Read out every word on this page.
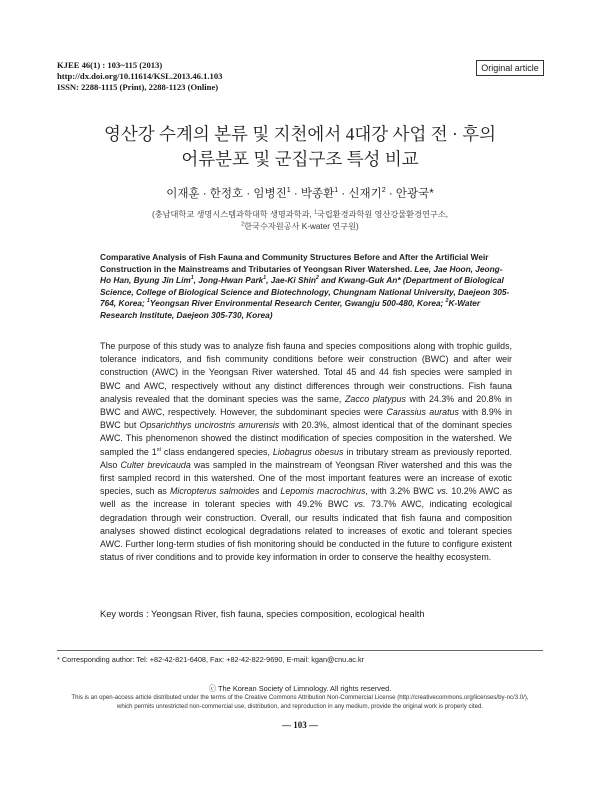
KJEE 46(1) : 103~115 (2013)
http://dx.doi.org/10.11614/KSL.2013.46.1.103
ISSN: 2288-1115 (Print), 2288-1123 (Online)
Original article
영산강 수계의 본류 및 지천에서 4대강 사업 전 · 후의
어류분포 및 군집구조 특성 비교
이재훈 · 한정호 · 임병진$^1$ · 박종환$^1$ · 신재기$^2$ · 안광국*
(충남대학교 생명시스템과학대학 생명과학과, $^1$국립환경과학원 영산강물환경연구소,
$^2$한국수자원공사 K-water 연구원)
Comparative Analysis of Fish Fauna and Community Structures Before and After the Artificial Weir Construction in the Mainstreams and Tributaries of Yeongsan River Watershed. Lee, Jae Hoon, Jeong-Ho Han, Byung Jin Lim$^1$, Jong-Hwan Park$^1$, Jae-Ki Shin$^2$ and Kwang-Guk An* (Department of Biological Science, College of Biological Science and Biotechnology, Chungnam National University, Daejeon 305-764, Korea; $^1$Yeongsan River Environmental Research Center, Gwangju 500-480, Korea; $^2$K-Water Research Institute, Daejeon 305-730, Korea)

The purpose of this study was to analyze fish fauna and species compositions along with trophic guilds, tolerance indicators, and fish community conditions before weir construction (BWC) and after weir construction (AWC) in the Yeongsan River watershed. Total 45 and 44 fish species were sampled in BWC and AWC, respectively without any distinct differences through weir constructions. Fish fauna analysis revealed that the dominant species was the same, Zacco platypus with 24.3% and 20.8% in BWC and AWC, respectively. However, the subdominant species were Carassius auratus with 8.9% in BWC but Opsarichthys uncirostris amurensis with 20.3%, almost identical that of the dominant species AWC. This phenomenon showed the distinct modification of species composition in the watershed. We sampled the 1st class endangered species, Liobagrus obesus in tributary stream as previously reported. Also Culter brevicauda was sampled in the mainstream of Yeongsan River watershed and this was the first sampled record in this watershed. One of the most important features were an increase of exotic species, such as Micropterus salmoides and Lepomis macrochirus, with 3.2% BWC vs. 10.2% AWC as well as the increase in tolerant species with 49.2% BWC vs. 73.7% AWC, indicating ecological degradation through weir construction. Overall, our results indicated that fish fauna and composition analyses showed distinct ecological degradations related to increases of exotic and tolerant species AWC. Further long-term studies of fish monitoring should be conducted in the future to configure existent status of river conditions and to provide key information in order to conserve the healthy ecosystem.

Key words : Yeongsan River, fish fauna, species composition, ecological health
* Corresponding author: Tel: +82-42-821-6408, Fax: +82-42-822-9690, E-mail: kgan@cnu.ac.kr
ⓒ The Korean Society of Limnology. All rights reserved.
This is an open-access article distributed under the terms of the Creative Commons Attribution Non-Commercial License (http://creativecommons.org/licenses/by-nc/3.0/),
which permits unrestricted non-commercial use, distribution, and reproduction in any medium, provide the original work is properly cited.
— 103 —
